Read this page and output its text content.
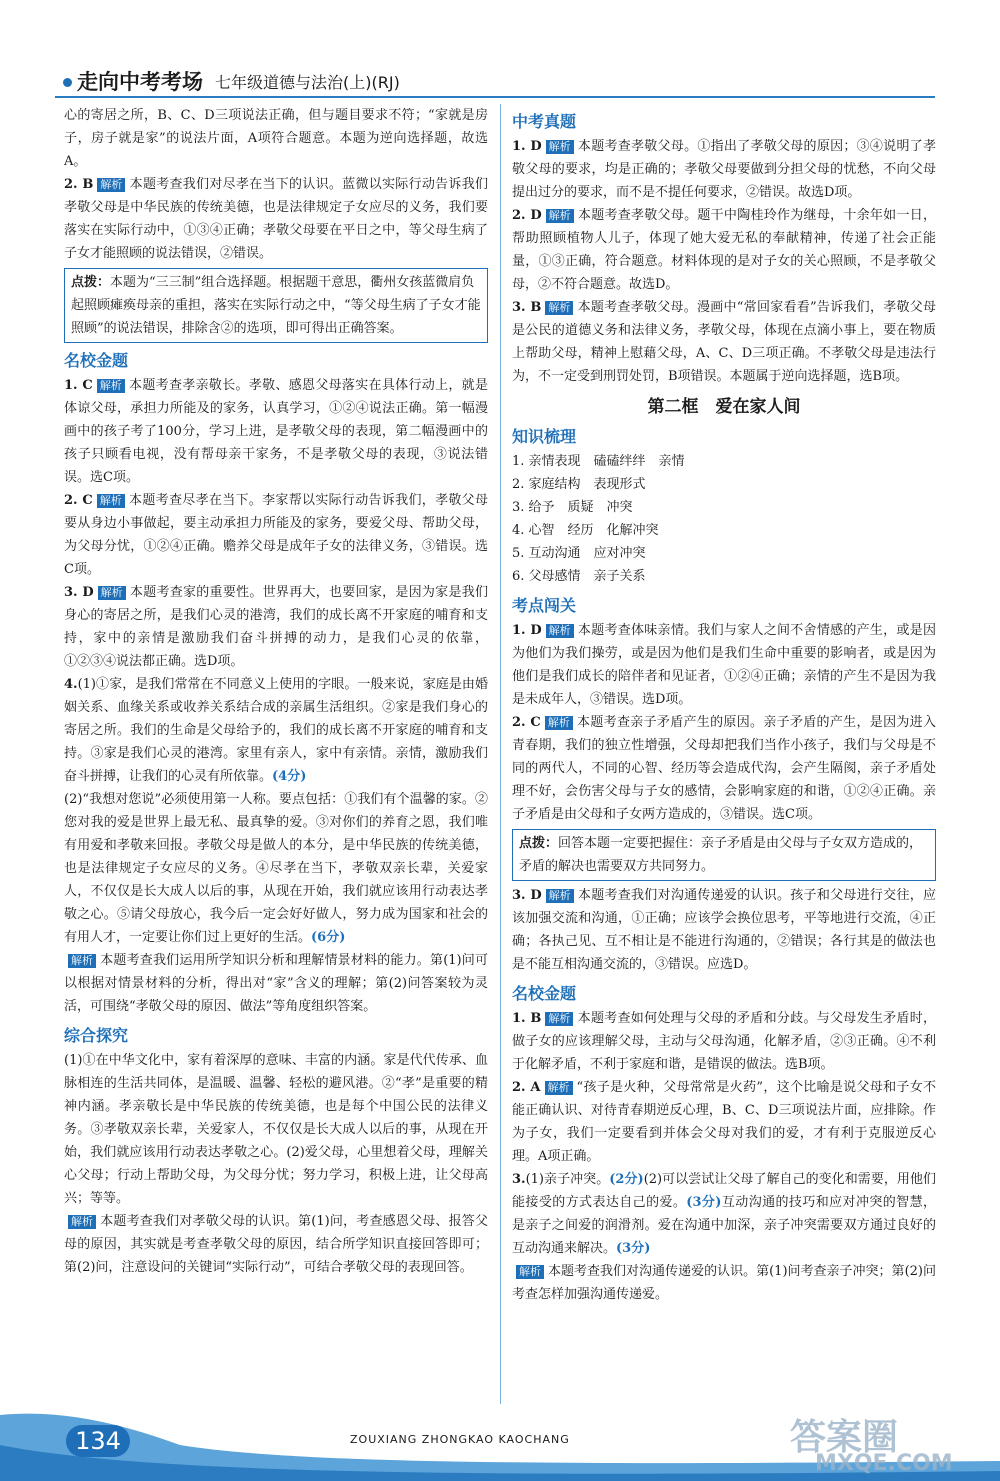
走向中考考场 七年级道德与法治(上)(RJ)

心的寄居之所，B、C、D三项说法正确，但与题目要求不符；“家就是房子，房子就是家”的说法片面，A项符合题意。本题为逆向选择题，故选A。

2. B 解析 本题考查我们对尽孝在当下的认识。蓝微以实际行动告诉我们孝敬父母是中华民族的传统美德，也是法律规定子女应尽的义务，我们要落实在实际行动中，①③④正确；孝敬父母要在平日之中，等父母生病了子女才能照顾的说法错误，②错误。

点拨：本题为“三三制”组合选择题。根据题干意思，衢州女孩蓝微肩负起照顾瘫痪母亲的重担，落实在实际行动之中，“等父母生病了子女才能照顾”的说法错误，排除含②的选项，即可得出正确答案。
名校金题

1. C 解析 本题考查孝亲敬长。孝敬、感恩父母落实在具体行动上，就是体谅父母，承担力所能及的家务，认真学习，①②④说法正确。第一幅漫画中的孩子考了100分，学习上进，是孝敬父母的表现，第二幅漫画中的孩子只顾看电视，没有帮母亲干家务，不是孝敬父母的表现，③说法错误。选C项。

2. C 解析 本题考查尽孝在当下。李家帮以实际行动告诉我们，孝敬父母要从身边小事做起，要主动承担力所能及的家务，要爱父母、帮助父母，为父母分忧，①②④正确。赡养父母是成年子女的法律义务，③错误。选C项。

3. D 解析 本题考查家的重要性。世界再大，也要回家，是因为家是我们身心的寄居之所，是我们心灵的港湾，我们的成长离不开家庭的哺育和支持，家中的亲情是激励我们奋斗拼搏的动力，是我们心灵的依靠，①②③④说法都正确。选D项。

4.(1)①家，是我们常常在不同意义上使用的字眼。一般来说，家庭是由婚姻关系、血缘关系或收养关系结合成的亲属生活组织。②家是我们身心的寄居之所。我们的生命是父母给予的，我们的成长离不开家庭的哺育和支持。③家是我们心灵的港湾。家里有亲人，家中有亲情。亲情，激励我们奋斗拼搏，让我们的心灵有所依靠。(4分)

(2)“我想对您说”必须使用第一人称。要点包括：①我们有个温馨的家。②您对我的爱是世界上最无私、最真挚的爱。③对你们的养育之恩，我们唯有用爱和孝敬来回报。孝敬父母是做人的本分，是中华民族的传统美德，也是法律规定子女应尽的义务。④尽孝在当下，孝敬双亲长辈，关爱家人，不仅仅是长大成人以后的事，从现在开始，我们就应该用行动表达孝敬之心。⑤请父母放心，我今后一定会好好做人，努力成为国家和社会的有用人才，一定要让你们过上更好的生活。(6分)

解析 本题考查我们运用所学知识分析和理解情景材料的能力。第(1)问可以根据对情景材料的分析，得出对“家”含义的理解；第(2)问答案较为灵活，可围绕“孝敬父母的原因、做法”等角度组织答案。

综合探究

(1)①在中华文化中，家有着深厚的意味、丰富的内涵。家是代代传承、血脉相连的生活共同体，是温暖、温馨、轻松的避风港。②“孝”是重要的精神内涵。孝亲敬长是中华民族的传统美德，也是每个中国公民的法律义务。③孝敬双亲长辈，关爱家人，不仅仅是长大成人以后的事，从现在开始，我们就应该用行动表达孝敬之心。(2)爱父母，心里想着父母，理解关心父母；行动上帮助父母，为父母分忧；努力学习，积极上进，让父母高兴；等等。

解析 本题考查我们对孝敬父母的认识。第(1)问，考查感恩父母、报答父母的原因，其实就是考查孝敬父母的原因，结合所学知识直接回答即可；第(2)问，注意设问的关键词“实际行动”，可结合孝敬父母的表现回答。

中考真题

1. D 解析 本题考查孝敬父母。①指出了孝敬父母的原因；③④说明了孝敬父母的要求，均是正确的；孝敬父母要做到分担父母的忧愁，不向父母提出过分的要求，而不是不提任何要求，②错误。故选D项。

2. D 解析 本题考查孝敬父母。题干中陶桂玲作为继母，十余年如一日，帮助照顾植物人儿子，体现了她大爱无私的奉献精神，传递了社会正能量，①③正确，符合题意。材料体现的是对子女的关心照顾，不是孝敬父母，②不符合题意。故选D。

3. B 解析 本题考查孝敬父母。漫画中“常回家看看”告诉我们，孝敬父母是公民的道德义务和法律义务，孝敬父母，体现在点滴小事上，要在物质上帮助父母，精神上慰藉父母，A、C、D三项正确。不孝敬父母是违法行为，不一定受到刑罚处罚，B项错误。本题属于逆向选择题，选B项。

第二框　爱在家人间
知识梳理

1. 亲情表现　磕磕绊绊　亲情

2. 家庭结构　表现形式

3. 给予　质疑　冲突

4. 心智　经历　化解冲突

5. 互动沟通　应对冲突

6. 父母感情　亲子关系

考点闯关

1. D 解析 本题考查体味亲情。我们与家人之间不舍情感的产生，或是因为他们为我们操劳，或是因为他们是我们生命中重要的影响者，或是因为他们是我们成长的陪伴者和见证者，①②④正确；亲情的产生不是因为我是未成年人，③错误。选D项。

2. C 解析 本题考查亲子矛盾产生的原因。亲子矛盾的产生，是因为进入青春期，我们的独立性增强，父母却把我们当作小孩子，我们与父母是不同的两代人，不同的心智、经历等会造成代沟，会产生隔阂，亲子矛盾处理不好，会伤害父母与子女的感情，会影响家庭的和谐，①②④正确。亲子矛盾是由父母和子女两方造成的，③错误。选C项。

点拨：回答本题一定要把握住：亲子矛盾是由父母与子女双方造成的，矛盾的解决也需要双方共同努力。

3. D 解析 本题考查我们对沟通传递爱的认识。孩子和父母进行交往，应该加强交流和沟通，①正确；应该学会换位思考，平等地进行交流，④正确；各执己见、互不相让是不能进行沟通的，②错误；各行其是的做法也是不能互相沟通交流的，③错误。应选D。

名校金题

1. B 解析 本题考查如何处理与父母的矛盾和分歧。与父母发生矛盾时，做子女的应该理解父母，主动与父母沟通，化解矛盾，②③正确。④不利于化解矛盾，不利于家庭和谐，是错误的做法。选B项。

2. A 解析 “孩子是火种，父母常常是火药”，这个比喻是说父母和子女不能正确认识、对待青春期逆反心理，B、C、D三项说法片面，应排除。作为子女，我们一定要看到并体会父母对我们的爱，才有利于克服逆反心理。A项正确。

3.(1)亲子冲突。(2分)(2)可以尝试让父母了解自己的变化和需要，用他们能接受的方式表达自己的爱。(3分)互动沟通的技巧和应对冲突的智慧，是亲子之间爱的润滑剂。爱在沟通中加深，亲子冲突需要双方通过良好的互动沟通来解决。(3分)

解析 本题考查我们对沟通传递爱的认识。第(1)问考查亲子冲突；第(2)问考查怎样加强沟通传递爱。

134	ZOUXIANG ZHONGKAO KAOCHANG	答案圈
MXQE.COM
